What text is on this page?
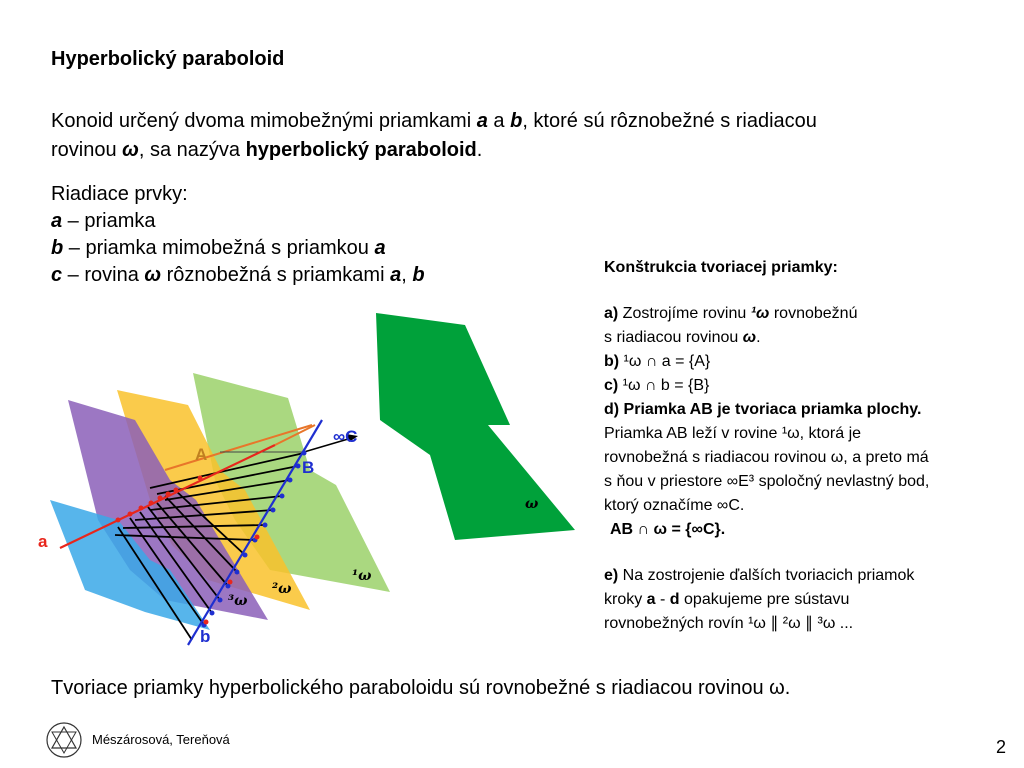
Hyperbolický paraboloid
Konoid určený dvoma mimobežnými priamkami a a b, ktoré sú rôznobežné s riadiacou
rovinou ω, sa nazýva hyperbolický paraboloid.
Riadiace prvky:
a – priamka
b – priamka mimobežná s priamkou a
c – rovina ω rôznobežná s priamkami a, b
A
B
∞C
a
b
ω
¹ω
²ω
³ω
Konštrukcia tvoriacej priamky:
a) Zostrojíme rovinu ¹ω rovnobežnú
s riadiacou rovinou ω.
b) ¹ω ∩ a = {A}
c) ¹ω ∩ b = {B}
d) Priamka AB je tvoriaca priamka plochy.
Priamka AB leží v rovine ¹ω, ktorá je
rovnobežná s riadiacou rovinou ω, a preto má
s ňou v priestore ∞E³ spoločný nevlastný bod,
ktorý označíme ∞C.
AB ∩ ω = {∞C}.
e) Na zostrojenie ďalších tvoriacich priamok
kroky a - d opakujeme pre sústavu
rovnobežných rovín ¹ω ∥ ²ω ∥ ³ω ...
Tvoriace priamky hyperbolického paraboloidu sú rovnobežné s riadiacou rovinou ω.
Mészárosová, Tereňová	2
